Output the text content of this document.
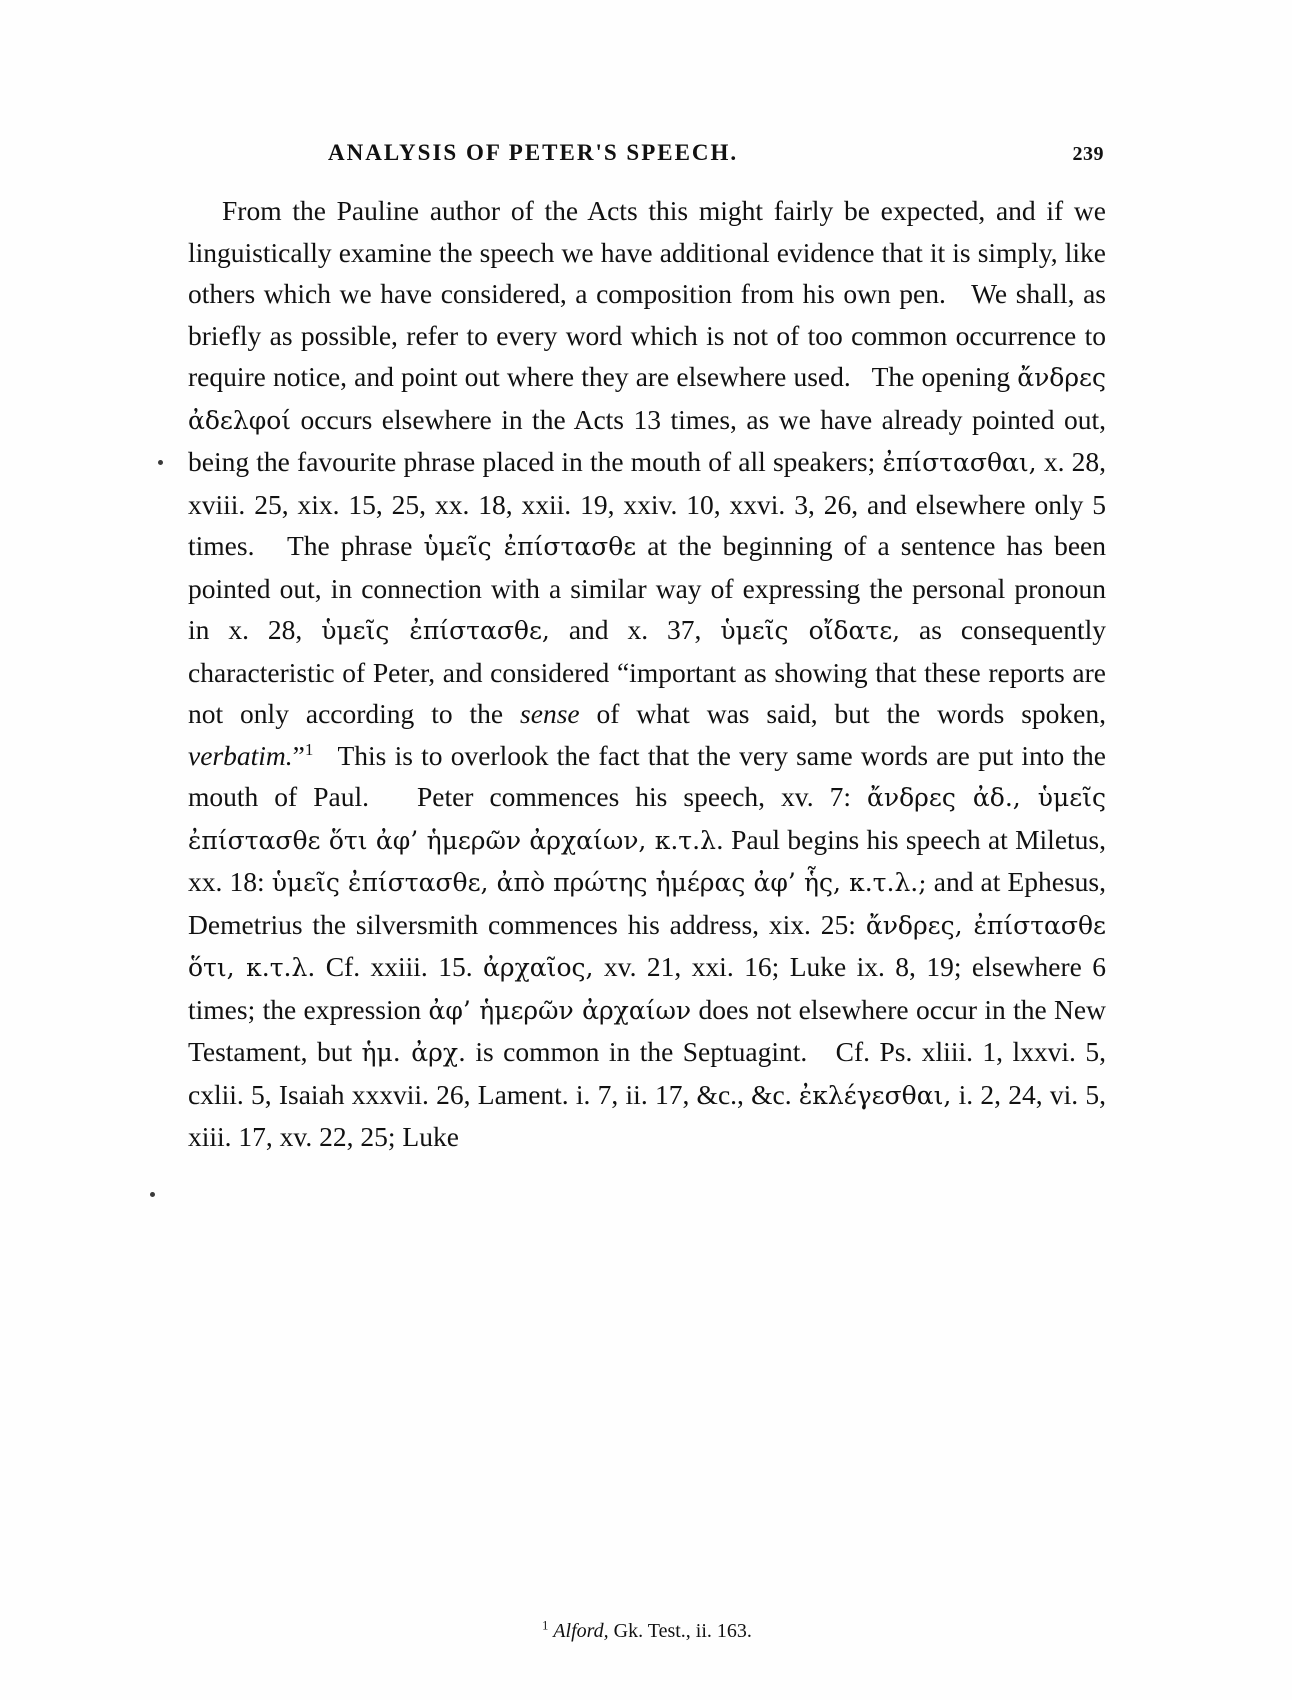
ANALYSIS OF PETER'S SPEECH.	239

From the Pauline author of the Acts this might fairly be expected, and if we linguistically examine the speech we have additional evidence that it is simply, like others which we have considered, a composition from his own pen.   We shall, as briefly as possible, refer to every word which is not of too common occurrence to require notice, and point out where they are elsewhere used.   The opening ἄνδρες ἀδελφοί occurs elsewhere in the Acts 13 times, as we have already pointed out, being the favourite phrase placed in the mouth of all speakers; ἐπίστασθαι, x. 28, xviii. 25, xix. 15, 25, xx. 18, xxii. 19, xxiv. 10, xxvi. 3, 26, and elsewhere only 5 times.   The phrase ὑμεῖς ἐπίστασθε at the beginning of a sentence has been pointed out, in connection with a similar way of expressing the personal pronoun in x. 28, ὑμεῖς ἐπίστασθε, and x. 37, ὑμεῖς οἴδατε, as consequently characteristic of Peter, and considered “important as showing that these reports are not only according to the sense of what was said, but the words spoken, verbatim.”$^1$   This is to overlook the fact that the very same words are put into the mouth of Paul.   Peter commences his speech, xv. 7: ἄνδρες ἀδ., ὑμεῖς ἐπίστασθε ὅτι ἀφ’ ἡμερῶν ἀρχαίων, κ.τ.λ. Paul begins his speech at Miletus, xx. 18: ὑμεῖς ἐπίστασθε, ἀπὸ πρώτης ἡμέρας ἀφ’ ἧς, κ.τ.λ.; and at Ephesus, Demetrius the silversmith commences his address, xix. 25: ἄνδρες, ἐπίστασθε ὅτι, κ.τ.λ. Cf. xxiii. 15. ἀρχαῖος, xv. 21, xxi. 16; Luke ix. 8, 19; elsewhere 6 times; the expression ἀφ’ ἡμερῶν ἀρχαίων does not elsewhere occur in the New Testament, but ἡμ. ἀρχ. is common in the Septuagint.   Cf. Ps. xliii. 1, lxxvi. 5, cxlii. 5, Isaiah xxxvii. 26, Lament. i. 7, ii. 17, &c., &c. ἐκλέγεσθαι, i. 2, 24, vi. 5, xiii. 17, xv. 22, 25; Luke

$^1$ Alford, Gk. Test., ii. 163.
